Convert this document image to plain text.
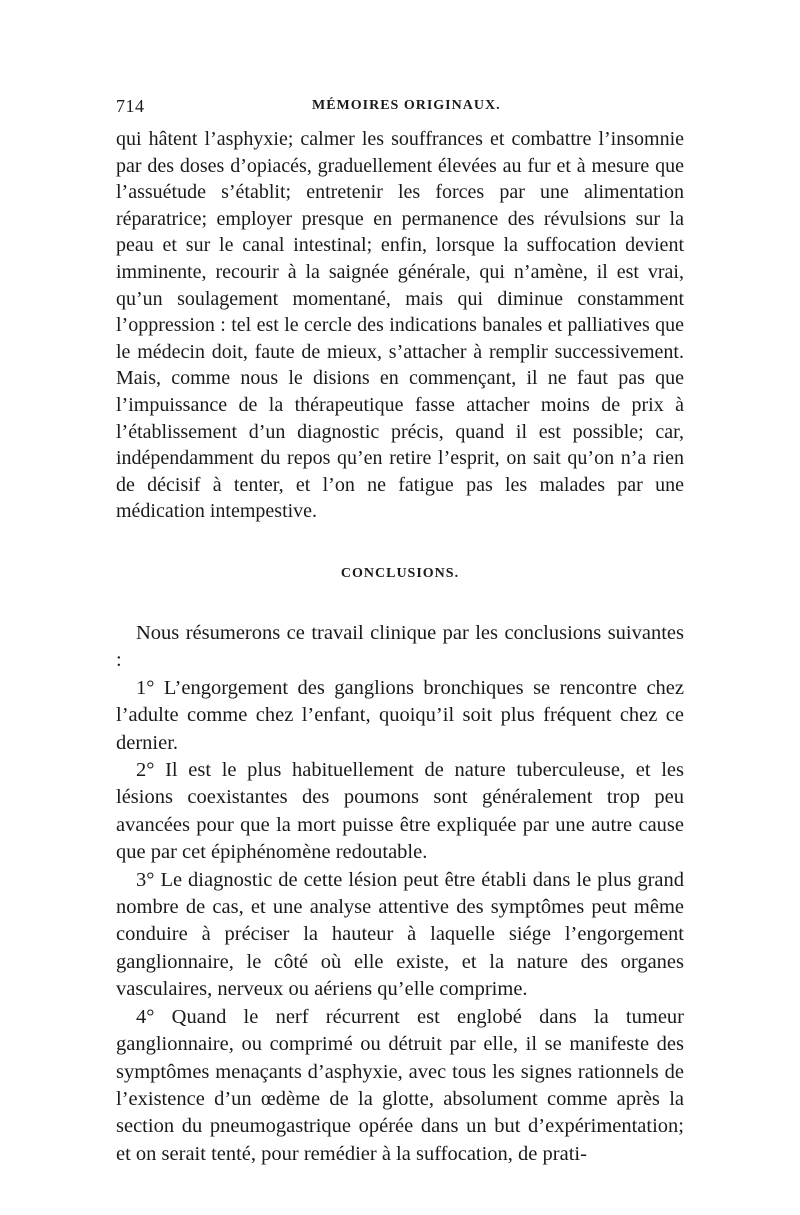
714	MÉMOIRES ORIGINAUX.

qui hâtent l’asphyxie; calmer les souffrances et combattre l’insomnie par des doses d’opiacés, graduellement élevées au fur et à mesure que l’assuétude s’établit; entretenir les forces par une alimentation réparatrice; employer presque en permanence des révulsions sur la peau et sur le canal intestinal; enfin, lorsque la suffocation devient imminente, recourir à la saignée générale, qui n’amène, il est vrai, qu’un soulagement momentané, mais qui diminue constamment l’oppression : tel est le cercle des indications banales et palliatives que le médecin doit, faute de mieux, s’attacher à remplir successivement. Mais, comme nous le disions en commençant, il ne faut pas que l’impuissance de la thérapeutique fasse attacher moins de prix à l’établissement d’un diagnostic précis, quand il est possible; car, indépendamment du repos qu’en retire l’esprit, on sait qu’on n’a rien de décisif à tenter, et l’on ne fatigue pas les malades par une médication intempestive.

CONCLUSIONS.

Nous résumerons ce travail clinique par les conclusions suivantes :

1° L’engorgement des ganglions bronchiques se rencontre chez l’adulte comme chez l’enfant, quoiqu’il soit plus fréquent chez ce dernier.

2° Il est le plus habituellement de nature tuberculeuse, et les lésions coexistantes des poumons sont généralement trop peu avancées pour que la mort puisse être expliquée par une autre cause que par cet épiphénomène redoutable.

3° Le diagnostic de cette lésion peut être établi dans le plus grand nombre de cas, et une analyse attentive des symptômes peut même conduire à préciser la hauteur à laquelle siége l’engorgement ganglionnaire, le côté où elle existe, et la nature des organes vasculaires, nerveux ou aériens qu’elle comprime.

4° Quand le nerf récurrent est englobé dans la tumeur ganglionnaire, ou comprimé ou détruit par elle, il se manifeste des symptômes menaçants d’asphyxie, avec tous les signes rationnels de l’existence d’un œdème de la glotte, absolument comme après la section du pneumogastrique opérée dans un but d’expérimentation; et on serait tenté, pour remédier à la suffocation, de prati-
